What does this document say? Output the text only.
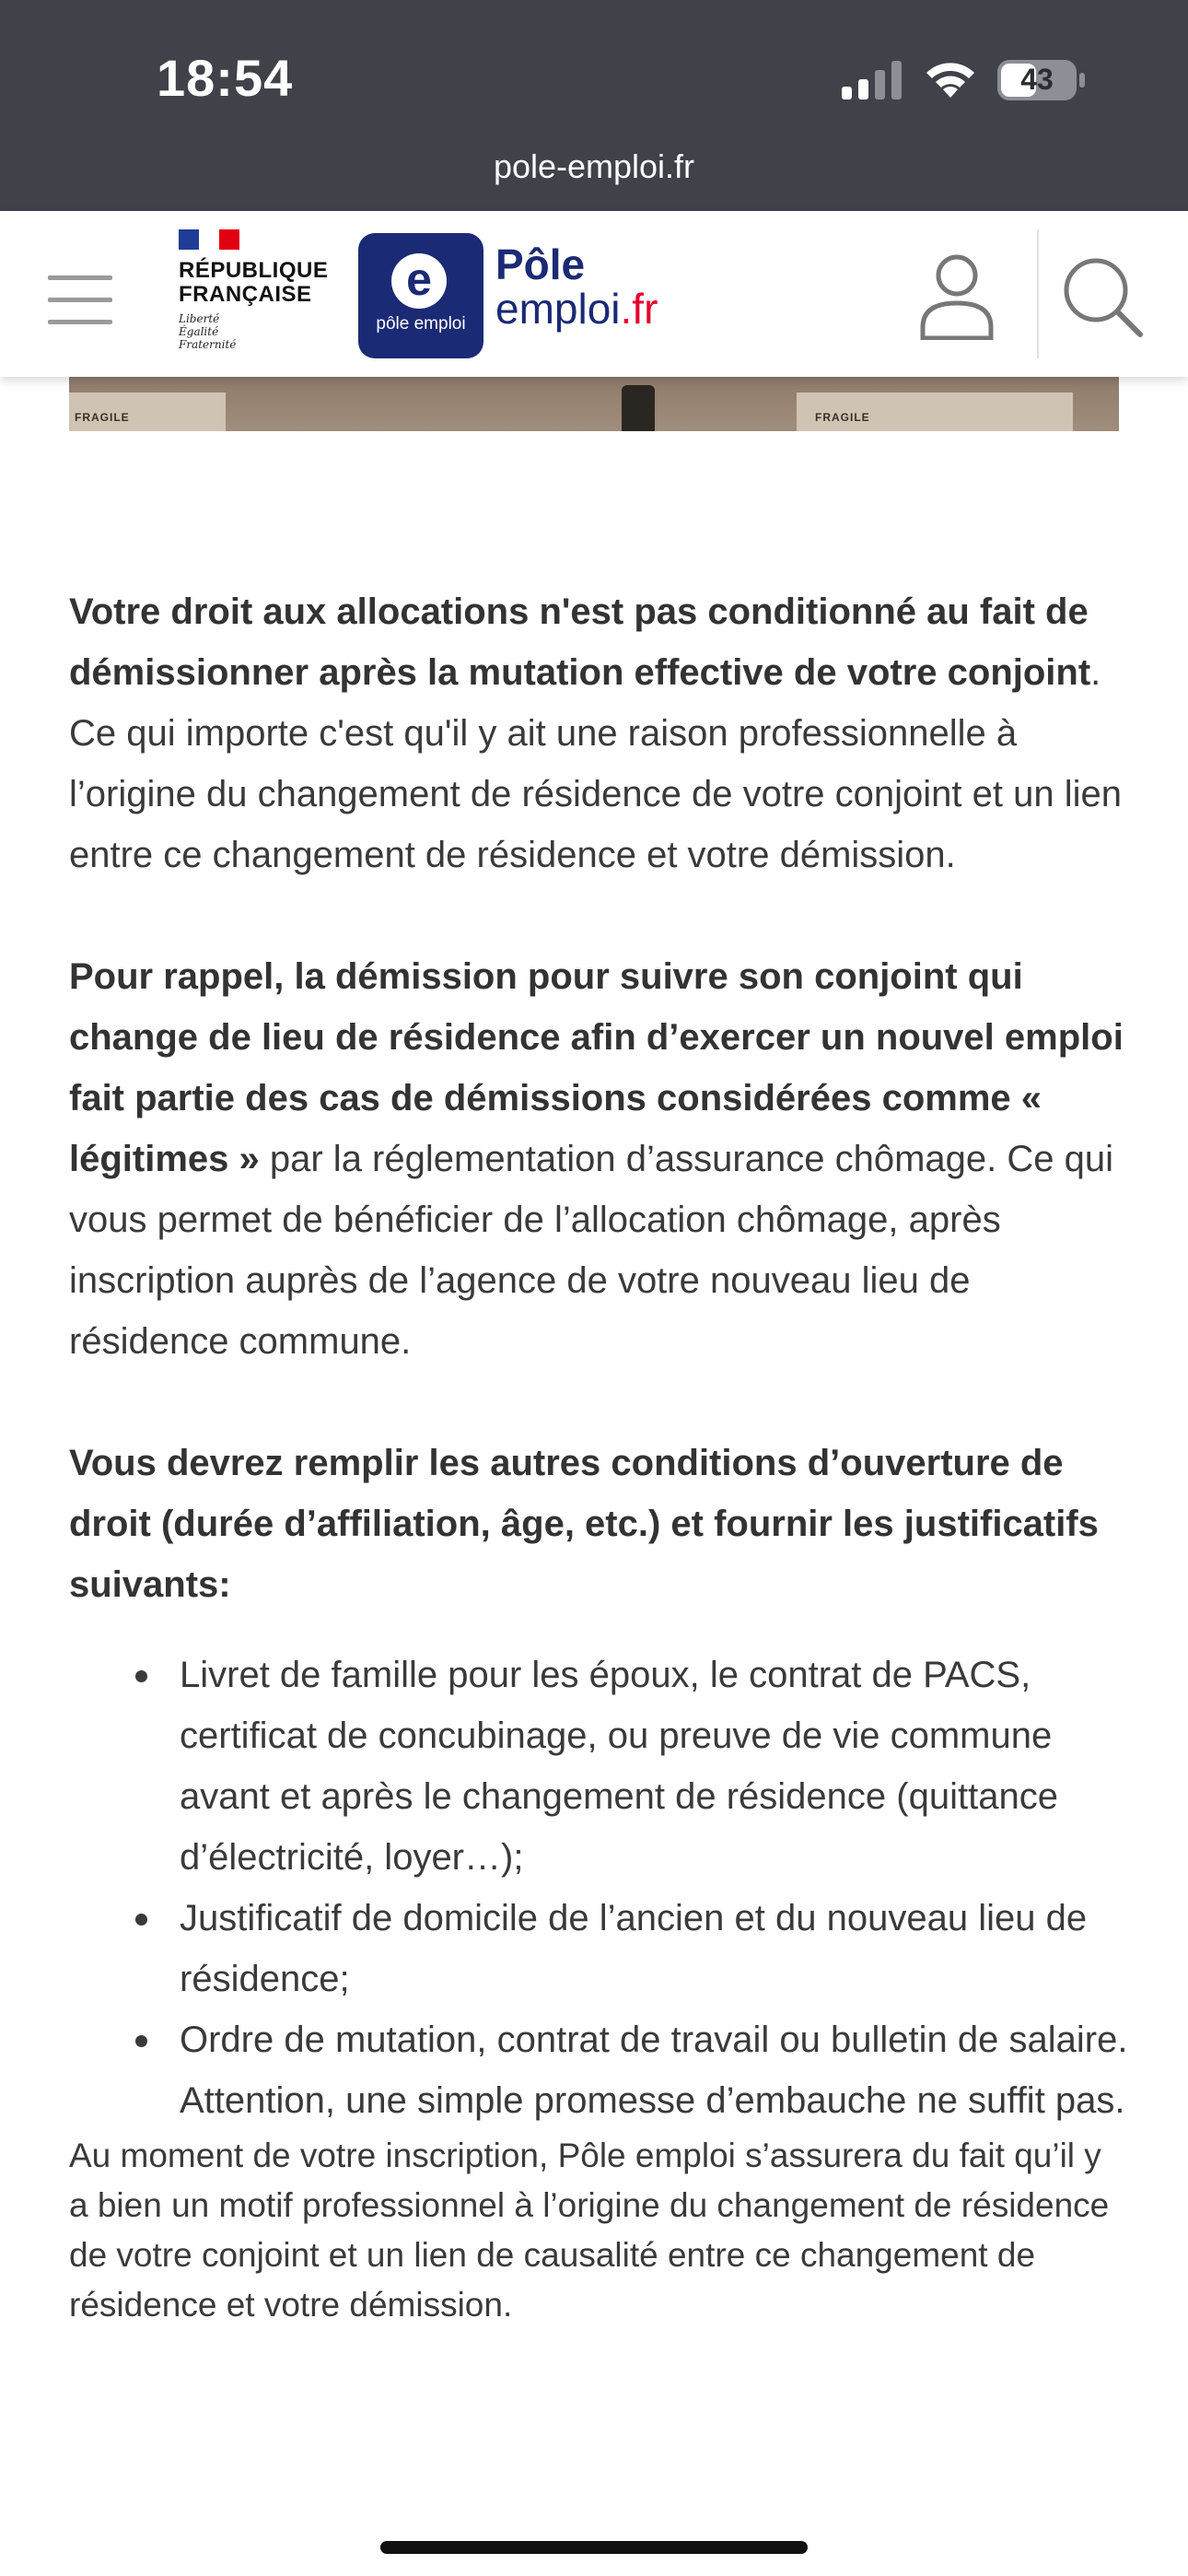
18:54	43
pole-emploi.fr
FRAGILE	FRAGILE
RÉPUBLIQUE
FRANÇAISE
Liberté
Égalité
Fraternité
e
pôle emploi
Pôle
emploi.fr

Votre droit aux allocations n'est pas conditionné au fait de démissionner après la mutation effective de votre conjoint.

Ce qui importe c'est qu'il y ait une raison professionnelle à l’origine du changement de résidence de votre conjoint et un lien entre ce changement de résidence et votre démission.

Pour rappel, la démission pour suivre son conjoint qui change de lieu de résidence afin d’exercer un nouvel emploi fait partie des cas de démissions considérées comme « légitimes » par la réglementation d’assurance chômage. Ce qui vous permet de bénéficier de l’allocation chômage, après inscription auprès de l’agence de votre nouveau lieu de résidence commune.

Vous devrez remplir les autres conditions d’ouverture de droit (durée d’affiliation, âge, etc.) et fournir les justificatifs suivants:

Livret de famille pour les époux, le contrat de PACS, certificat de concubinage, ou preuve de vie commune avant et après le changement de résidence (quittance d’électricité, loyer…);
Justificatif de domicile de l’ancien et du nouveau lieu de résidence;
Ordre de mutation, contrat de travail ou bulletin de salaire. Attention, une simple promesse d’embauche ne suffit pas.

Au moment de votre inscription, Pôle emploi s’assurera du fait qu’il y a bien un motif professionnel à l’origine du changement de résidence de votre conjoint et un lien de causalité entre ce changement de résidence et votre démission.
